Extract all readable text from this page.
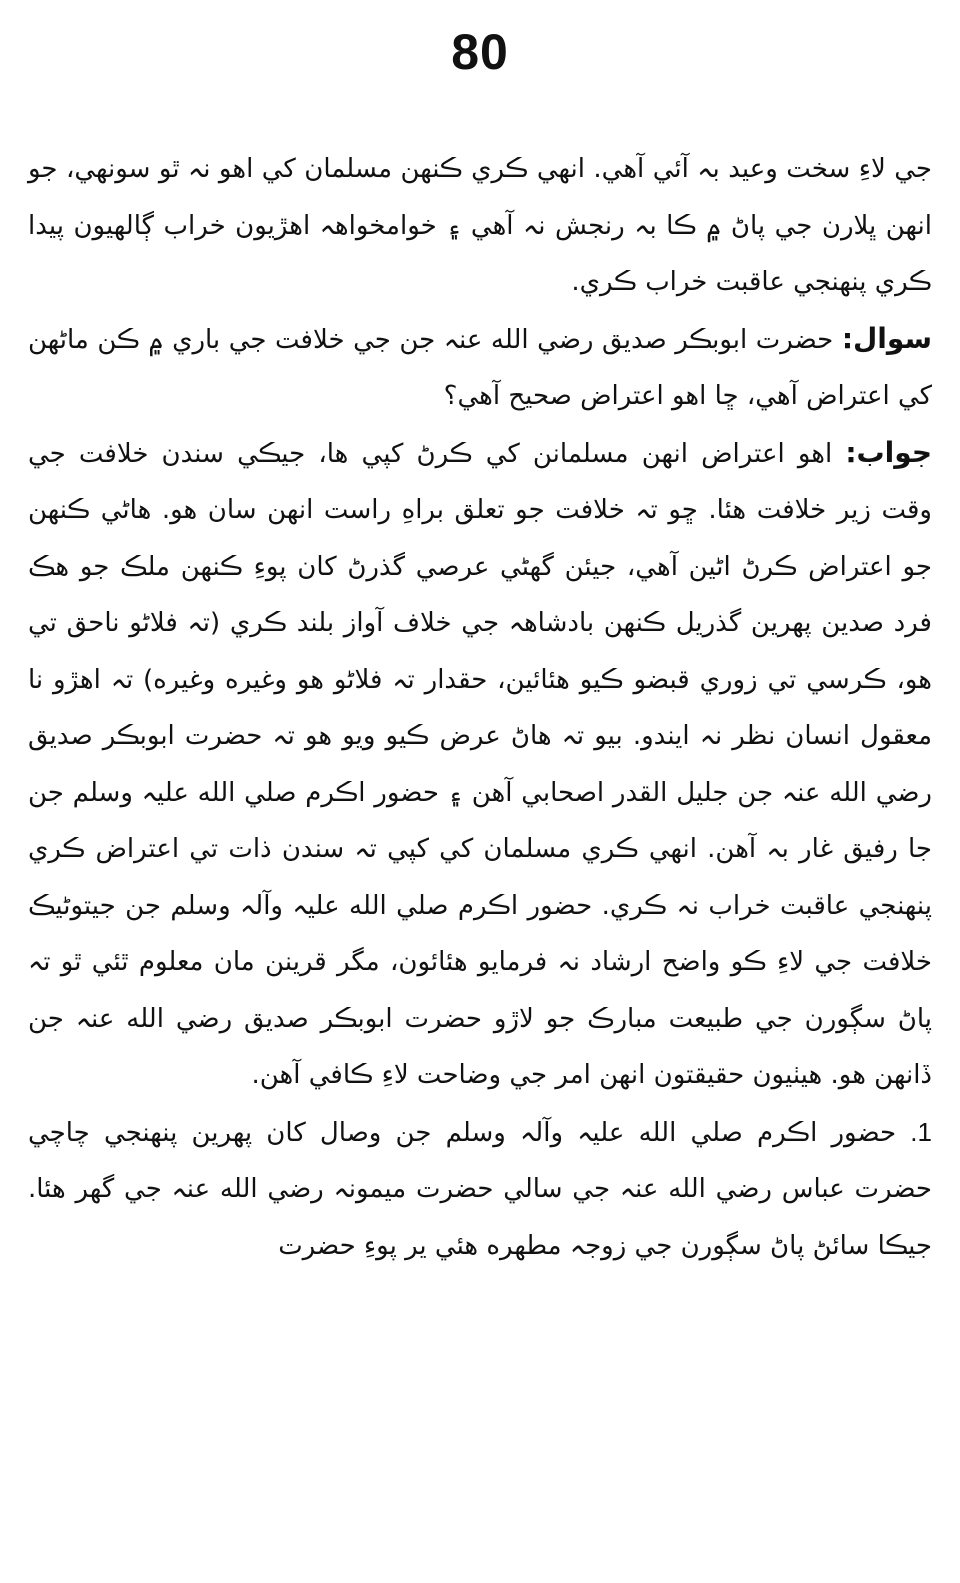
80

جي لاءِ سخت وعيد بہ آئي آهي. انهي ڪري ڪنهن مسلمان کي اهو نہ ٿو سونهي، جو انهن ڀلارن جي پاڻ ۾ ڪا بہ رنجش نہ آهي ۽ خوامخواهہ اهڙيون خراب ڳالهيون پيدا ڪري پنهنجي عاقبت خراب ڪري.

سوال: حضرت ابوبڪر صديق رضي الله عنہ جن جي خلافت جي باري ۾ ڪن ماڻهن کي اعتراض آهي، ڇا اهو اعتراض صحيح آهي؟

جواب: اهو اعتراض انهن مسلمانن کي ڪرڻ کپي ها، جيڪي سندن خلافت جي وقت زير خلافت هئا. ڇو تہ خلافت جو تعلق براهِ راست انهن سان هو. هاڻي ڪنهن جو اعتراض ڪرڻ اڻين آهي، جيئن گهڻي عرصي گذرڻ کان پوءِ ڪنهن ملڪ جو هڪ فرد صدين پهرين گذريل ڪنهن بادشاهہ جي خلاف آواز بلند ڪري (تہ فلاڻو ناحق تي هو، ڪرسي تي زوري قبضو ڪيو هئائين، حقدار تہ فلاڻو هو وغيره وغيره) تہ اهڙو نا معقول انسان نظر نہ ايندو. بيو تہ هاڻ عرض ڪيو ويو هو تہ حضرت ابوبڪر صديق رضي الله عنہ جن جليل القدر اصحابي آهن ۽ حضور اڪرم صلي الله عليہ وسلم جن جا رفيق غار بہ آهن. انهي ڪري مسلمان کي کپي تہ سندن ذات تي اعتراض ڪري پنهنجي عاقبت خراب نہ ڪري. حضور اڪرم صلي الله عليہ وآلہ وسلم جن جيتوڻيڪ خلافت جي لاءِ ڪو واضح ارشاد نہ فرمايو هئائون، مگر قرينن مان معلوم ٿئي ٿو تہ پاڻ سڳورن جي طبيعت مبارڪ جو لاڙو حضرت ابوبڪر صديق رضي الله عنہ جن ڏانهن هو. هيٺيون حقيقتون انهن امر جي وضاحت لاءِ ڪافي آهن.

1. حضور اڪرم صلي الله عليہ وآلہ وسلم جن وصال کان پهرين پنهنجي چاچي حضرت عباس رضي الله عنہ جي سالي حضرت ميمونہ رضي الله عنہ جي گهر هئا. جيڪا سائڻ پاڻ سڳورن جي زوجہ مطهره هئي ير پوءِ حضرت
